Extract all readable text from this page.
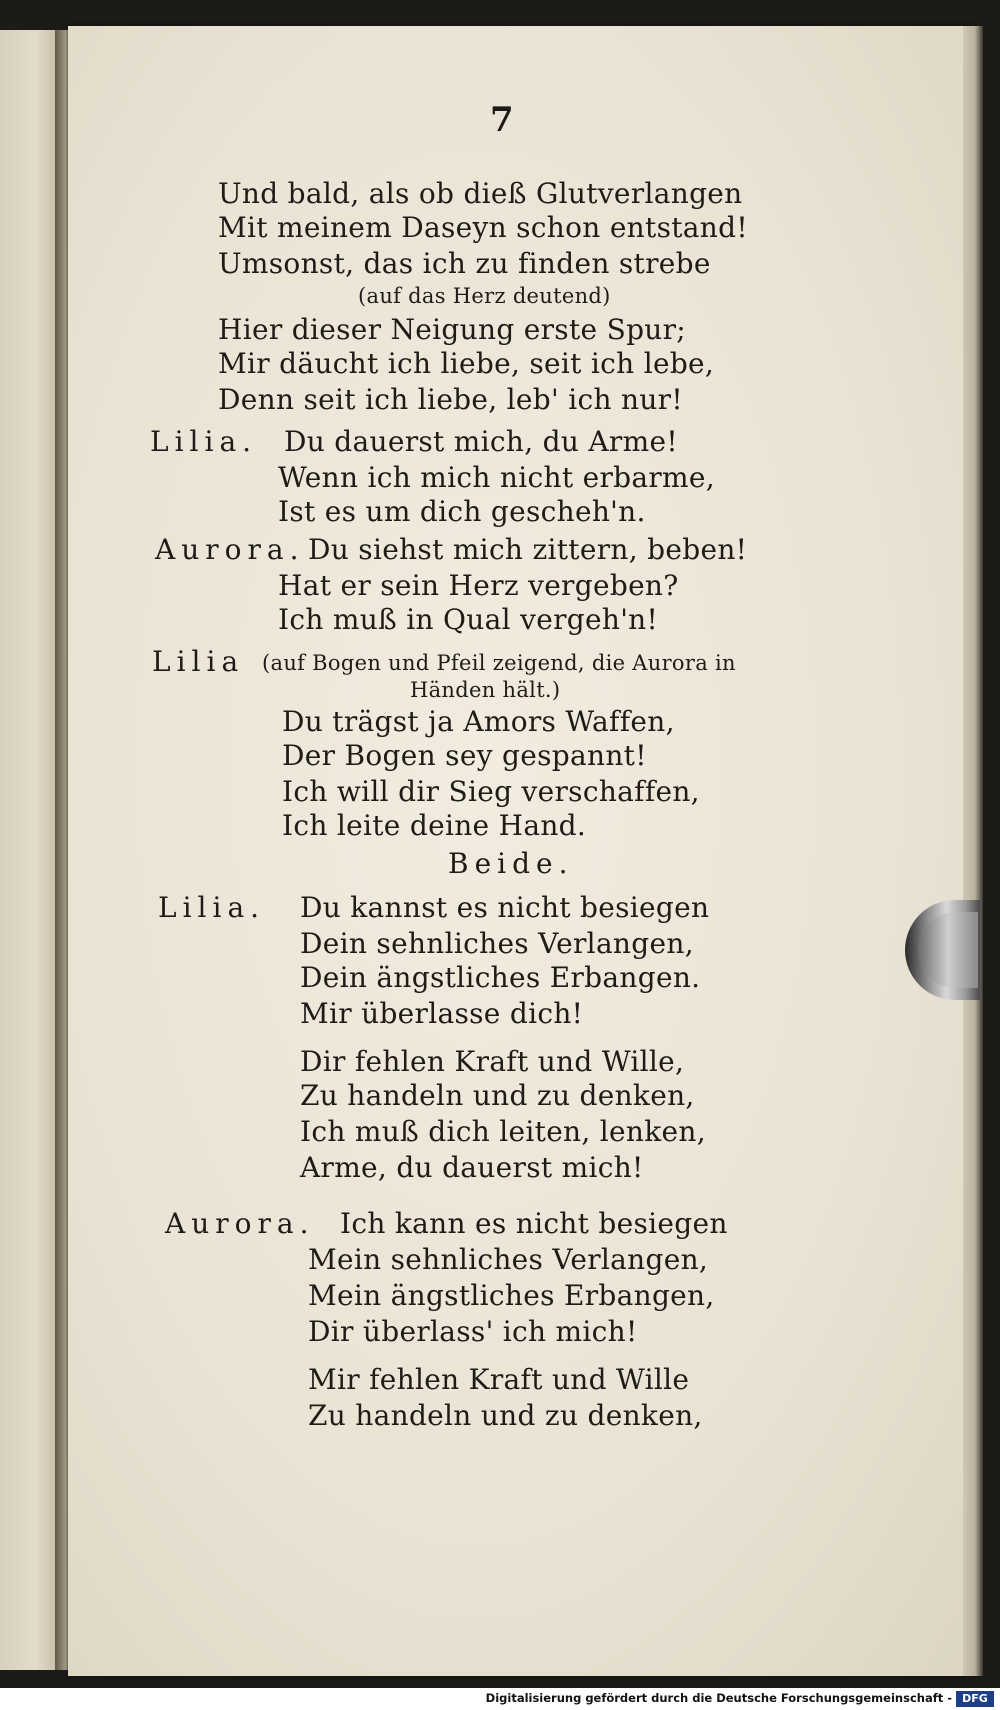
7
Und bald, als ob dieß Glutverlangen
Mit meinem Daseyn schon entstand!
Umsonst, das ich zu finden strebe
(auf das Herz deutend)
Hier dieser Neigung erste Spur;
Mir däucht ich liebe, seit ich lebe,
Denn seit ich liebe, leb' ich nur!
Lilia. Du dauerst mich, du Arme!
Wenn ich mich nicht erbarme,
Ist es um dich gescheh'n.
Aurora. Du siehst mich zittern, beben!
Hat er sein Herz vergeben?
Ich muß in Qual vergeh'n!
Lilia (auf Bogen und Pfeil zeigend, die Aurora in
Händen hält.)
Du trägst ja Amors Waffen,
Der Bogen sey gespannt!
Ich will dir Sieg verschaffen,
Ich leite deine Hand.
Beide.
Lilia. Du kannst es nicht besiegen
Dein sehnliches Verlangen,
Dein ängstliches Erbangen.
Mir überlasse dich!
Dir fehlen Kraft und Wille,
Zu handeln und zu denken,
Ich muß dich leiten, lenken,
Arme, du dauerst mich!
Aurora. Ich kann es nicht besiegen
Mein sehnliches Verlangen,
Mein ängstliches Erbangen,
Dir überlass' ich mich!
Mir fehlen Kraft und Wille
Zu handeln und zu denken,
Digitalisierung gefördert durch die Deutsche Forschungsgemeinschaft - DFG
